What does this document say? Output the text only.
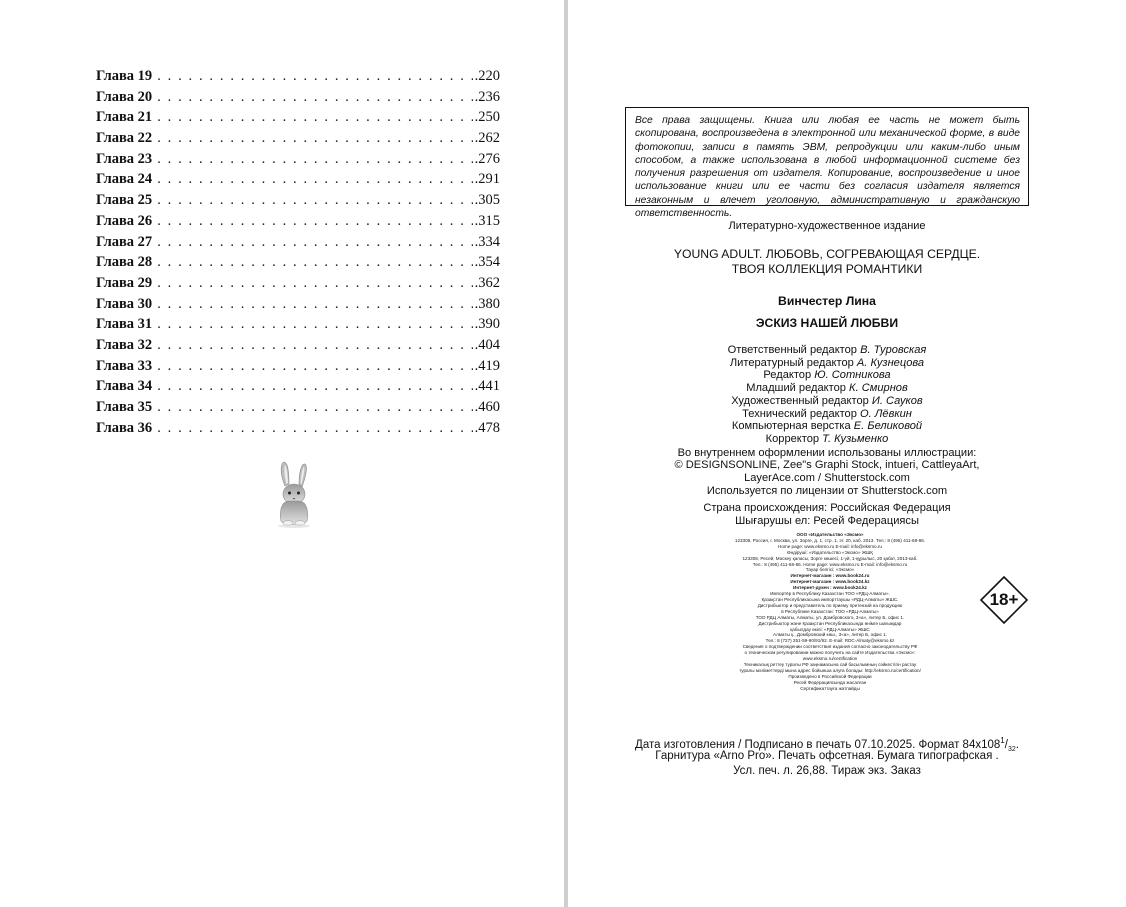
Глава 19 . . .	.220
Глава 20 . . .	.236
Глава 21 . . .	.250
Глава 22 . . .	.262
Глава 23 . . .	.276
Глава 24 . . .	.291
Глава 25 . . .	.305
Глава 26 . . .	.315
Глава 27 . . .	.334
Глава 28 . . .	.354
Глава 29 . . .	.362
Глава 30 . . .	.380
Глава 31 . . .	.390
Глава 32 . . .	.404
Глава 33 . . .	.419
Глава 34 . . .	.441
Глава 35 . . .	.460
Глава 36 . . .	.478
Все права защищены. Книга или любая ее часть не может быть скопирована, воспроизведена в электронной или механической форме, в виде фотокопии, записи в память ЭВМ, репродукции или каким-либо иным способом, а также использована в любой информационной системе без получения разрешения от издателя. Копирование, воспроизведение и иное использование книги или ее части без согласия издателя является незаконным и влечет уголовную, административную и гражданскую ответственность.
Литературно-художественное издание
YOUNG ADULT. ЛЮБОВЬ, СОГРЕВАЮЩАЯ СЕРДЦЕ.
ТВОЯ КОЛЛЕКЦИЯ РОМАНТИКИ
Винчестер Лина
ЭСКИЗ НАШЕЙ ЛЮБВИ
Ответственный редактор В. Туровская
Литературный редактор А. Кузнецова
Редактор Ю. Сотникова
Младший редактор К. Смирнов
Художественный редактор И. Сауков
Технический редактор О. Лёвкин
Компьютерная верстка Е. Беликовой
Корректор Т. Кузьменко
Во внутреннем оформлении использованы иллюстрации:
© DESIGNSONLINE, Zee"s Graphi Stock, intueri, CattleyaArt,
LayerAce.com / Shutterstock.com
Используется по лицензии от Shutterstock.com
Страна происхождения: Российская Федерация
Шығарушы ел: Ресей Федерациясы
ООО «Издательство «Эксмо»
123308, Россия, г. Москва, ул. Зорге, д. 1, стр. 1, эт. 20, каб. 2013. Тел.: 8 (495) 411-68-86.
Home page: www.eksmo.ru E-mail: info@eksmo.ru
Өндіруші: «Издательство «Эксмо» ЖШҚ
123308, Ресей, Мәскеу қаласы, Зорге көшесі, 1-үй, 1-құрылыс, 20 қабат, 2013-каб.
Тел.: 8 (495) 411-68-86. Home page: www.eksmo.ru E-mail: info@eksmo.ru
Тауар белгісі: «Эксмо»
Интернет-магазин : www.book24.ru
Интернет-магазин : www.book24.kz
Интернет-дүкен : www.book24.kz
Импортёр в Республику Казахстан ТОО «РДЦ-Алматы».
Қазақстан Республикасына импорттаушы «РДЦ-Алматы» ЖШС.
Дистрибьютор и представитель по приему претензий на продукцию
в Республике Казахстан: ТОО «РДЦ-Алматы»
ТОО РДЦ Алматы, Алматы, ул. Домбровского, 3«а», литер Б, офис 1.
Дистрибьютор және Қазақстан Республикасында өнімге шағымдар
қабылдау өкілі: «РДЦ-Алматы» ЖШС
Алматы қ., Домбровский көш., 3«а», литер Б, офис 1.
Тел.: 8 (727) 251-59-90/91/92. E-mail: RDC-Almaty@eksmo.kz
Сведения о подтверждении соответствия издания согласно законодательству РФ
о техническом регулировании можно получить на сайте Издательства «Эксмо»:
www.eksmo.ru/certification
Техникалық реттеу туралы РФ заңнамасына сай басылымның сәйкестігін растау
туралы мәліметтерді мына адрес бойынша алуға болады: http://eksmo.ru/certification/
Произведено в Российской Федерации
Ресей Федерациясында жасалған
Сертификаттауға жатпайды
18+
Дата изготовления / Подписано в печать 07.10.2025. Формат $84x108^1/_{32}$.
Гарнитура «Arno Pro». Печать офсетная. Бумага типографская .
Усл. печ. л. 26,88. Тираж экз. Заказ
